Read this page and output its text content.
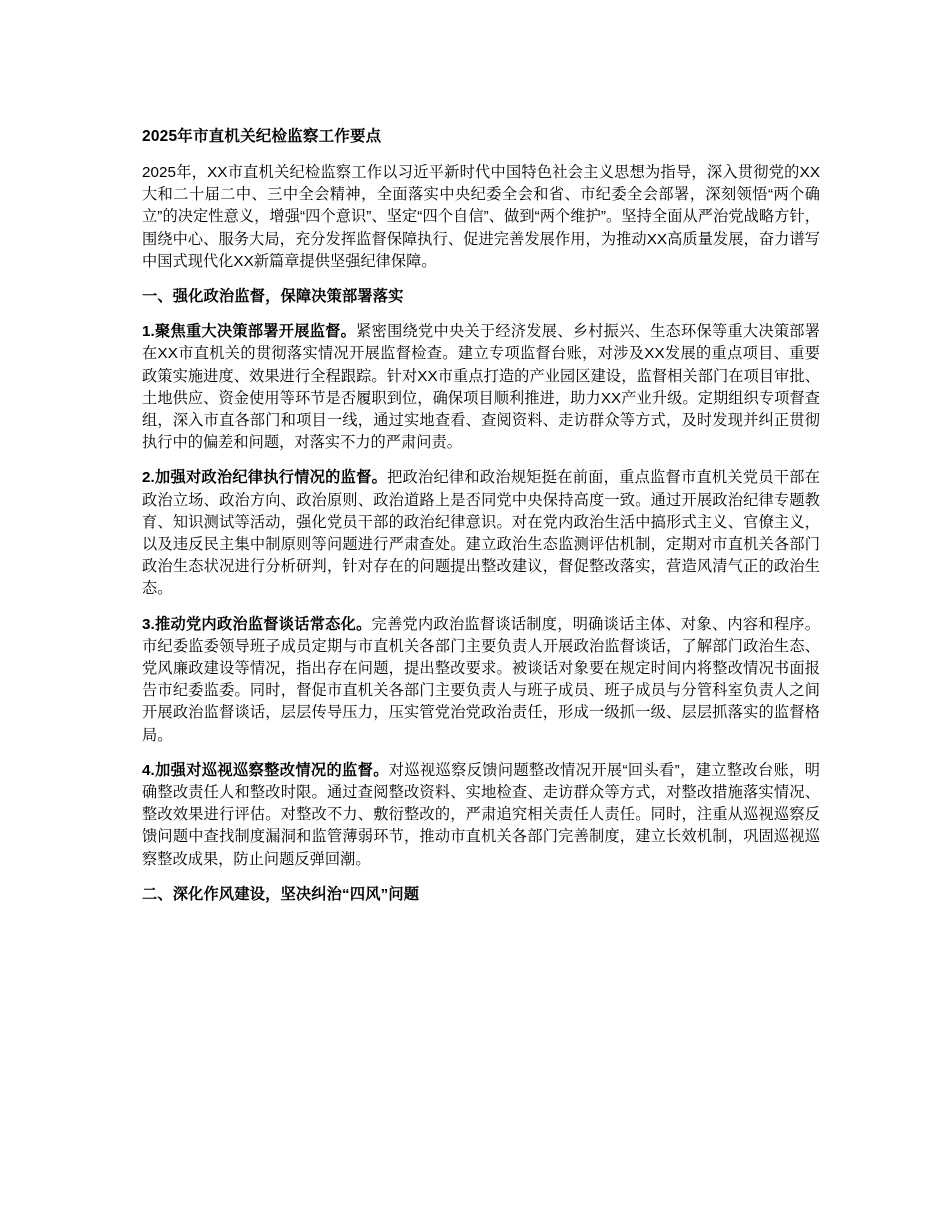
2025年市直机关纪检监察工作要点

2025年，XX市直机关纪检监察工作以习近平新时代中国特色社会主义思想为指导，深入贯彻党的XX大和二十届二中、三中全会精神，全面落实中央纪委全会和省、市纪委全会部署，深刻领悟“两个确立”的决定性意义，增强“四个意识”、坚定“四个自信”、做到“两个维护”。坚持全面从严治党战略方针，围绕中心、服务大局，充分发挥监督保障执行、促进完善发展作用，为推动XX高质量发展，奋力谱写中国式现代化XX新篇章提供坚强纪律保障。

一、强化政治监督，保障决策部署落实

1.聚焦重大决策部署开展监督。紧密围绕党中央关于经济发展、乡村振兴、生态环保等重大决策部署在XX市直机关的贯彻落实情况开展监督检查。建立专项监督台账，对涉及XX发展的重点项目、重要政策实施进度、效果进行全程跟踪。针对XX市重点打造的产业园区建设，监督相关部门在项目审批、土地供应、资金使用等环节是否履职到位，确保项目顺利推进，助力XX产业升级。定期组织专项督查组，深入市直各部门和项目一线，通过实地查看、查阅资料、走访群众等方式，及时发现并纠正贯彻执行中的偏差和问题，对落实不力的严肃问责。

2.加强对政治纪律执行情况的监督。把政治纪律和政治规矩挺在前面，重点监督市直机关党员干部在政治立场、政治方向、政治原则、政治道路上是否同党中央保持高度一致。通过开展政治纪律专题教育、知识测试等活动，强化党员干部的政治纪律意识。对在党内政治生活中搞形式主义、官僚主义，以及违反民主集中制原则等问题进行严肃查处。建立政治生态监测评估机制，定期对市直机关各部门政治生态状况进行分析研判，针对存在的问题提出整改建议，督促整改落实，营造风清气正的政治生态。

3.推动党内政治监督谈话常态化。完善党内政治监督谈话制度，明确谈话主体、对象、内容和程序。市纪委监委领导班子成员定期与市直机关各部门主要负责人开展政治监督谈话，了解部门政治生态、党风廉政建设等情况，指出存在问题，提出整改要求。被谈话对象要在规定时间内将整改情况书面报告市纪委监委。同时，督促市直机关各部门主要负责人与班子成员、班子成员与分管科室负责人之间开展政治监督谈话，层层传导压力，压实管党治党政治责任，形成一级抓一级、层层抓落实的监督格局。

4.加强对巡视巡察整改情况的监督。对巡视巡察反馈问题整改情况开展“回头看”，建立整改台账，明确整改责任人和整改时限。通过查阅整改资料、实地检查、走访群众等方式，对整改措施落实情况、整改效果进行评估。对整改不力、敷衍整改的，严肃追究相关责任人责任。同时，注重从巡视巡察反馈问题中查找制度漏洞和监管薄弱环节，推动市直机关各部门完善制度，建立长效机制，巩固巡视巡察整改成果，防止问题反弹回潮。

二、深化作风建设，坚决纠治“四风”问题
